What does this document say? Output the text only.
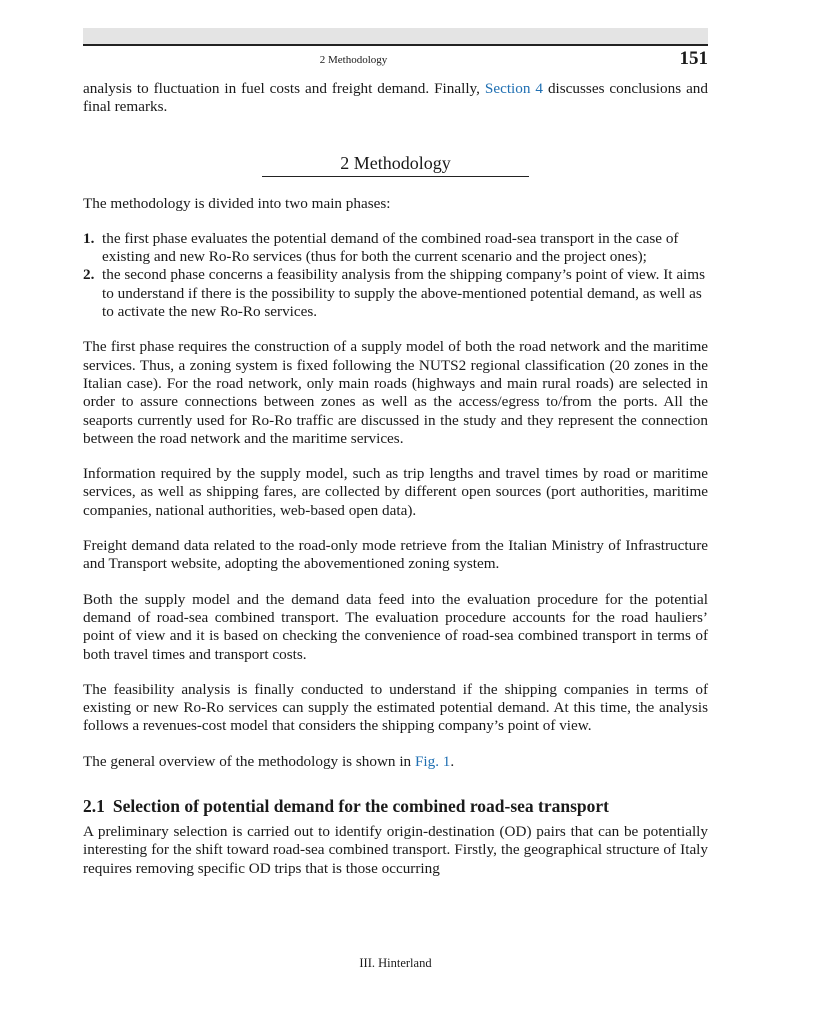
2 Methodology	151

analysis to fluctuation in fuel costs and freight demand. Finally, Section 4 discusses conclusions and final remarks.

2 Methodology

The methodology is divided into two main phases:

1. the first phase evaluates the potential demand of the combined road-sea transport in the case of existing and new Ro-Ro services (thus for both the current scenario and the project ones);
2. the second phase concerns a feasibility analysis from the shipping company’s point of view. It aims to understand if there is the possibility to supply the above-mentioned potential demand, as well as to activate the new Ro-Ro services.

The first phase requires the construction of a supply model of both the road network and the maritime services. Thus, a zoning system is fixed following the NUTS2 regional classification (20 zones in the Italian case). For the road network, only main roads (highways and main rural roads) are selected in order to assure connections between zones as well as the access/egress to/from the ports. All the seaports currently used for Ro-Ro traffic are discussed in the study and they represent the connection between the road network and the maritime services.

Information required by the supply model, such as trip lengths and travel times by road or maritime services, as well as shipping fares, are collected by different open sources (port authorities, maritime companies, national authorities, web-based open data).

Freight demand data related to the road-only mode retrieve from the Italian Ministry of Infrastructure and Transport website, adopting the abovementioned zoning system.

Both the supply model and the demand data feed into the evaluation procedure for the potential demand of road-sea combined transport. The evaluation procedure accounts for the road hauliers’ point of view and it is based on checking the convenience of road-sea combined transport in terms of both travel times and transport costs.

The feasibility analysis is finally conducted to understand if the shipping companies in terms of existing or new Ro-Ro services can supply the estimated potential demand. At this time, the analysis follows a revenues-cost model that considers the shipping company’s point of view.

The general overview of the methodology is shown in Fig. 1.

2.1 Selection of potential demand for the combined road-sea transport

A preliminary selection is carried out to identify origin-destination (OD) pairs that can be potentially interesting for the shift toward road-sea combined transport. Firstly, the geographical structure of Italy requires removing specific OD trips that is those occurring

III. Hinterland
